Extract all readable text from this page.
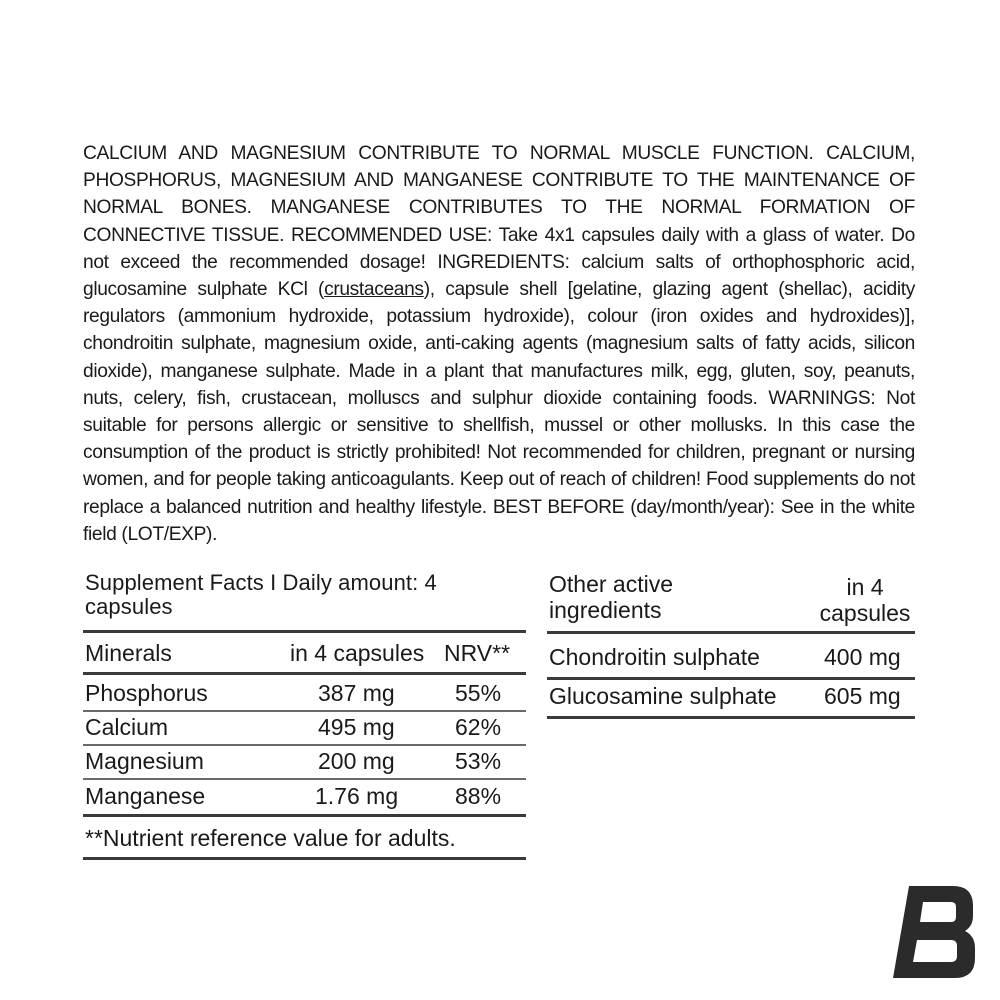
CALCIUM AND MAGNESIUM CONTRIBUTE TO NORMAL MUSCLE FUNCTION. CALCIUM, PHOSPHORUS, MAGNESIUM AND MANGANESE CONTRIBUTE TO THE MAINTENANCE OF NORMAL BONES. MANGANESE CONTRIBUTES TO THE NORMAL FORMATION OF CONNECTIVE TISSUE. RECOMMENDED USE: Take 4x1 capsules daily with a glass of water. Do not exceed the recommended dosage! INGREDIENTS: calcium salts of orthophosphoric acid, glucosamine sulphate KCl (crustaceans), capsule shell [gelatine, glazing agent (shellac), acidity regulators (ammonium hydroxide, potassium hydroxide), colour (iron oxides and hydroxides)], chondroitin sulphate, magnesium oxide, anti-caking agents (magnesium salts of fatty acids, silicon dioxide), manganese sulphate. Made in a plant that manufactures milk, egg, gluten, soy, peanuts, nuts, celery, fish, crustacean, molluscs and sulphur dioxide containing foods. WARNINGS: Not suitable for persons allergic or sensitive to shellfish, mussel or other mollusks. In this case the consumption of the product is strictly prohibited! Not recommended for children, pregnant or nursing women, and for people taking anticoagulants. Keep out of reach of children! Food supplements do not replace a balanced nutrition and healthy lifestyle. BEST BEFORE (day/month/year): See in the white field (LOT/EXP).
Supplement Facts I Daily amount: 4 capsules
Minerals	in 4 capsules NRV**
Phosphorus	387 mg	55%
Calcium	495 mg	62%
Magnesium	200 mg	53%
Manganese	1.76 mg 88%
**Nutrient reference value for adults.
Other active ingredients
in 4 capsules
Chondroitin sulphate	400 mg
Glucosamine sulphate 605 mg
